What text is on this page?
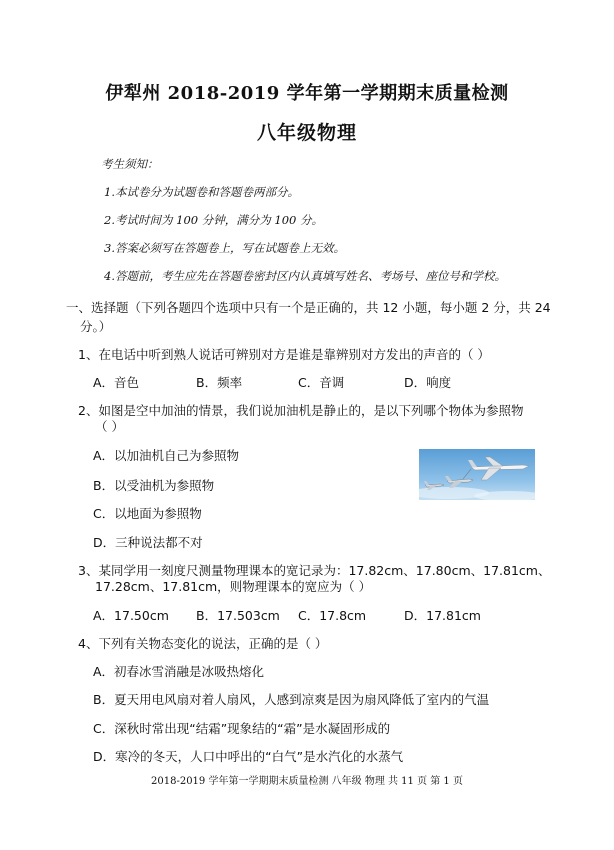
伊犁州 2018-2019 学年第一学期期末质量检测
八年级物理
考生须知：
1.本试卷分为试题卷和答题卷两部分。
2.考试时间为 100 分钟，满分为 100 分。
3.答案必须写在答题卷上，写在试题卷上无效。
4.答题前，考生应先在答题卷密封区内认真填写姓名、考场号、座位号和学校。
一、选择题（下列各题四个选项中只有一个是正确的，共 12 小题，每小题 2 分，共 24
分。）
1、在电话中听到熟人说话可辨别对方是谁是靠辨别对方发出的声音的（ ）
A．音色	B．频率	C．音调	D．响度
2、如图是空中加油的情景，我们说加油机是静止的，是以下列哪个物体为参照物
（ ）
A．以加油机自己为参照物
B．以受油机为参照物
C．以地面为参照物
D．三种说法都不对
3、某同学用一刻度尺测量物理课本的宽记录为：17.82cm、17.80cm、17.81cm、
17.28cm、17.81cm，则物理课本的宽应为（ ）
A．17.50cm B．17.503cm C．17.8cm	D．17.81cm
4、下列有关物态变化的说法，正确的是（ ）
A．初春冰雪消融是冰吸热熔化
B．夏天用电风扇对着人扇风，人感到凉爽是因为扇风降低了室内的气温
C．深秋时常出现“结霜”现象结的“霜”是水凝固形成的
D．寒冷的冬天，人口中呼出的“白气”是水汽化的水蒸气
2018-2019 学年第一学期期末质量检测 八年级 物理 共 11 页 第 1 页
